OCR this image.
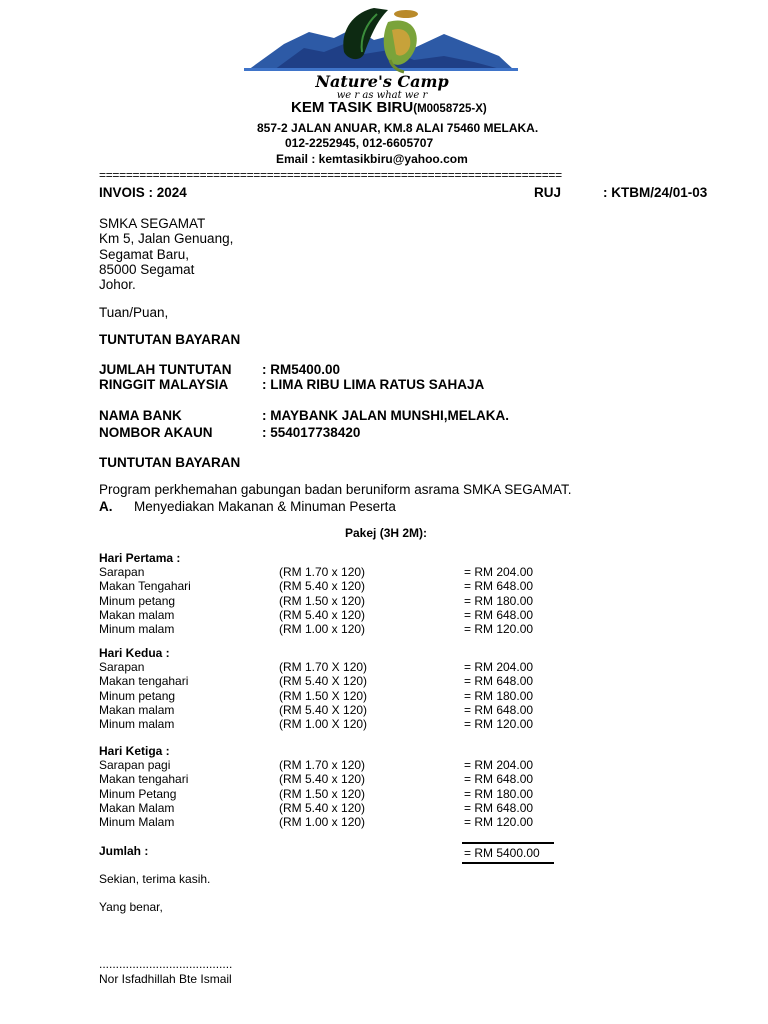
Nature's Camp
we r as what we r
KEM TASIK BIRU(M0058725-X)
857-2 JALAN ANUAR, KM.8 ALAI 75460 MELAKA.
012-2252945, 012-6605707
Email : kemtasikbiru@yahoo.com
=====================================================================
INVOIS : 2024	RUJ	: KTBM/24/01-03
SMKA SEGAMAT
Km 5, Jalan Genuang,
Segamat Baru,
85000 Segamat
Johor.
Tuan/Puan,
TUNTUTAN BAYARAN
JUMLAH TUNTUTAN : RM5400.00
RINGGIT MALAYSIA : LIMA RIBU LIMA RATUS SAHAJA
NAMA BANK	: MAYBANK JALAN MUNSHI,MELAKA.
NOMBOR AKAUN	: 554017738420
TUNTUTAN BAYARAN
Program perkhemahan gabungan badan beruniform asrama SMKA SEGAMAT.
A. Menyediakan Makanan & Minuman Peserta
Pakej (3H 2M):
Hari Pertama :
Sarapan	(RM 1.70 x 120)	= RM 204.00
Makan Tengahari	(RM 5.40 x 120)	= RM 648.00
Minum petang	(RM 1.50 x 120)	= RM 180.00
Makan malam	(RM 5.40 x 120)	= RM 648.00
Minum malam	(RM 1.00 x 120)	= RM 120.00
Hari Kedua :
Sarapan	(RM 1.70 X 120)	= RM 204.00
Makan tengahari	(RM 5.40 X 120)	= RM 648.00
Minum petang	(RM 1.50 X 120)	= RM 180.00
Makan malam	(RM 5.40 X 120)	= RM 648.00
Minum malam	(RM 1.00 X 120)	= RM 120.00
Hari Ketiga :
Sarapan pagi	(RM 1.70 x 120)	= RM 204.00
Makan tengahari	(RM 5.40 x 120)	= RM 648.00
Minum Petang	(RM 1.50 x 120)	= RM 180.00
Makan Malam	(RM 5.40 x 120)	= RM 648.00
Minum Malam	(RM 1.00 x 120)	= RM 120.00
Jumlah :	= RM 5400.00
Sekian, terima kasih.
Yang benar,
........................................
Nor Isfadhillah Bte Ismail
